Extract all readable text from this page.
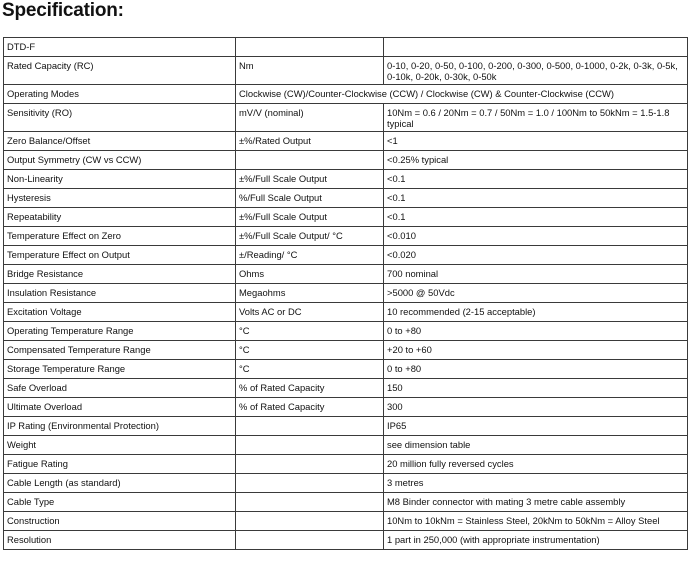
Specification:
DTD-F		
Rated Capacity (RC)	Nm	0-10, 0-20, 0-50, 0-100, 0-200, 0-300, 0-500, 0-1000, 0-2k, 0-3k, 0-5k, 0-10k, 0-20k, 0-30k, 0-50k
Operating Modes	Clockwise (CW)/Counter-Clockwise (CCW) / Clockwise (CW) & Counter-Clockwise (CCW)	
Sensitivity (RO)	mV/V (nominal)	10Nm = 0.6 / 20Nm = 0.7 / 50Nm = 1.0 / 100Nm to 50kNm = 1.5-1.8 typical
Zero Balance/Offset	±%/Rated Output	<1
Output Symmetry (CW vs CCW)		<0.25% typical
Non-Linearity	±%/Full Scale Output	<0.1
Hysteresis	%/Full Scale Output	<0.1
Repeatability	±%/Full Scale Output	<0.1
Temperature Effect on Zero	±%/Full Scale Output/ °C	<0.010
Temperature Effect on Output	±/Reading/ °C	<0.020
Bridge Resistance	Ohms	700 nominal
Insulation Resistance	Megaohms	>5000 @ 50Vdc
Excitation Voltage	Volts AC or DC	10 recommended (2-15 acceptable)
Operating Temperature Range	°C	0 to +80
Compensated Temperature Range	°C	+20 to +60
Storage Temperature Range	°C	0 to +80
Safe Overload	% of Rated Capacity	150
Ultimate Overload	% of Rated Capacity	300
IP Rating (Environmental Protection)		IP65
Weight		see dimension table
Fatigue Rating		20 million fully reversed cycles
Cable Length (as standard)		3 metres
Cable Type		M8 Binder connector with mating 3 metre cable assembly
Construction		10Nm to 10kNm = Stainless Steel, 20kNm to 50kNm = Alloy Steel
Resolution		1 part in 250,000 (with appropriate instrumentation)
